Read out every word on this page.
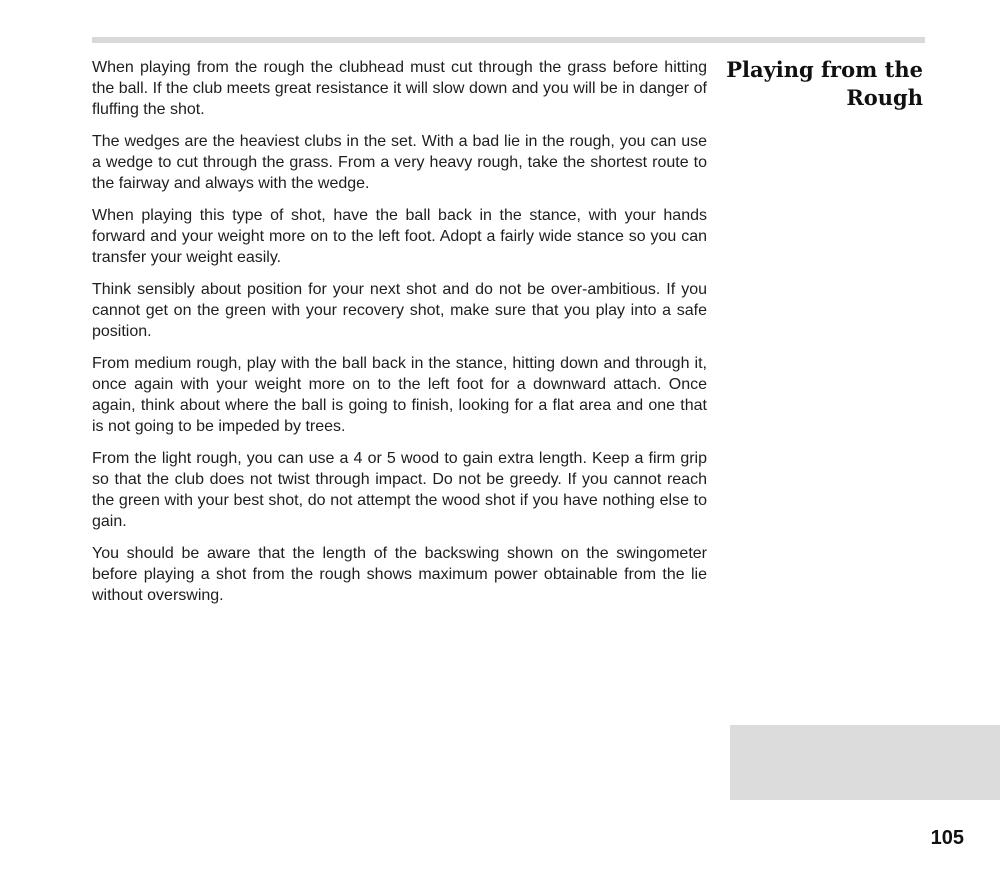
When playing from the rough the clubhead must cut through the grass before hitting the ball. If the club meets great resistance it will slow down and you will be in danger of fluffing the shot.

The wedges are the heaviest clubs in the set. With a bad lie in the rough, you can use a wedge to cut through the grass. From a very heavy rough, take the shortest route to the fairway and always with the wedge.

When playing this type of shot, have the ball back in the stance, with your hands forward and your weight more on to the left foot. Adopt a fairly wide stance so you can transfer your weight easily.

Think sensibly about position for your next shot and do not be over-ambitious. If you cannot get on the green with your recovery shot, make sure that you play into a safe position.

From medium rough, play with the ball back in the stance, hitting down and through it, once again with your weight more on to the left foot for a downward attach. Once again, think about where the ball is going to finish, looking for a flat area and one that is not going to be impeded by trees.

From the light rough, you can use a 4 or 5 wood to gain extra length. Keep a firm grip so that the club does not twist through impact. Do not be greedy. If you cannot reach the green with your best shot, do not attempt the wood shot if you have nothing else to gain.

You should be aware that the length of the backswing shown on the swingometer before playing a shot from the rough shows maximum power obtainable from the lie without overswing.

Playing from the Rough
105
